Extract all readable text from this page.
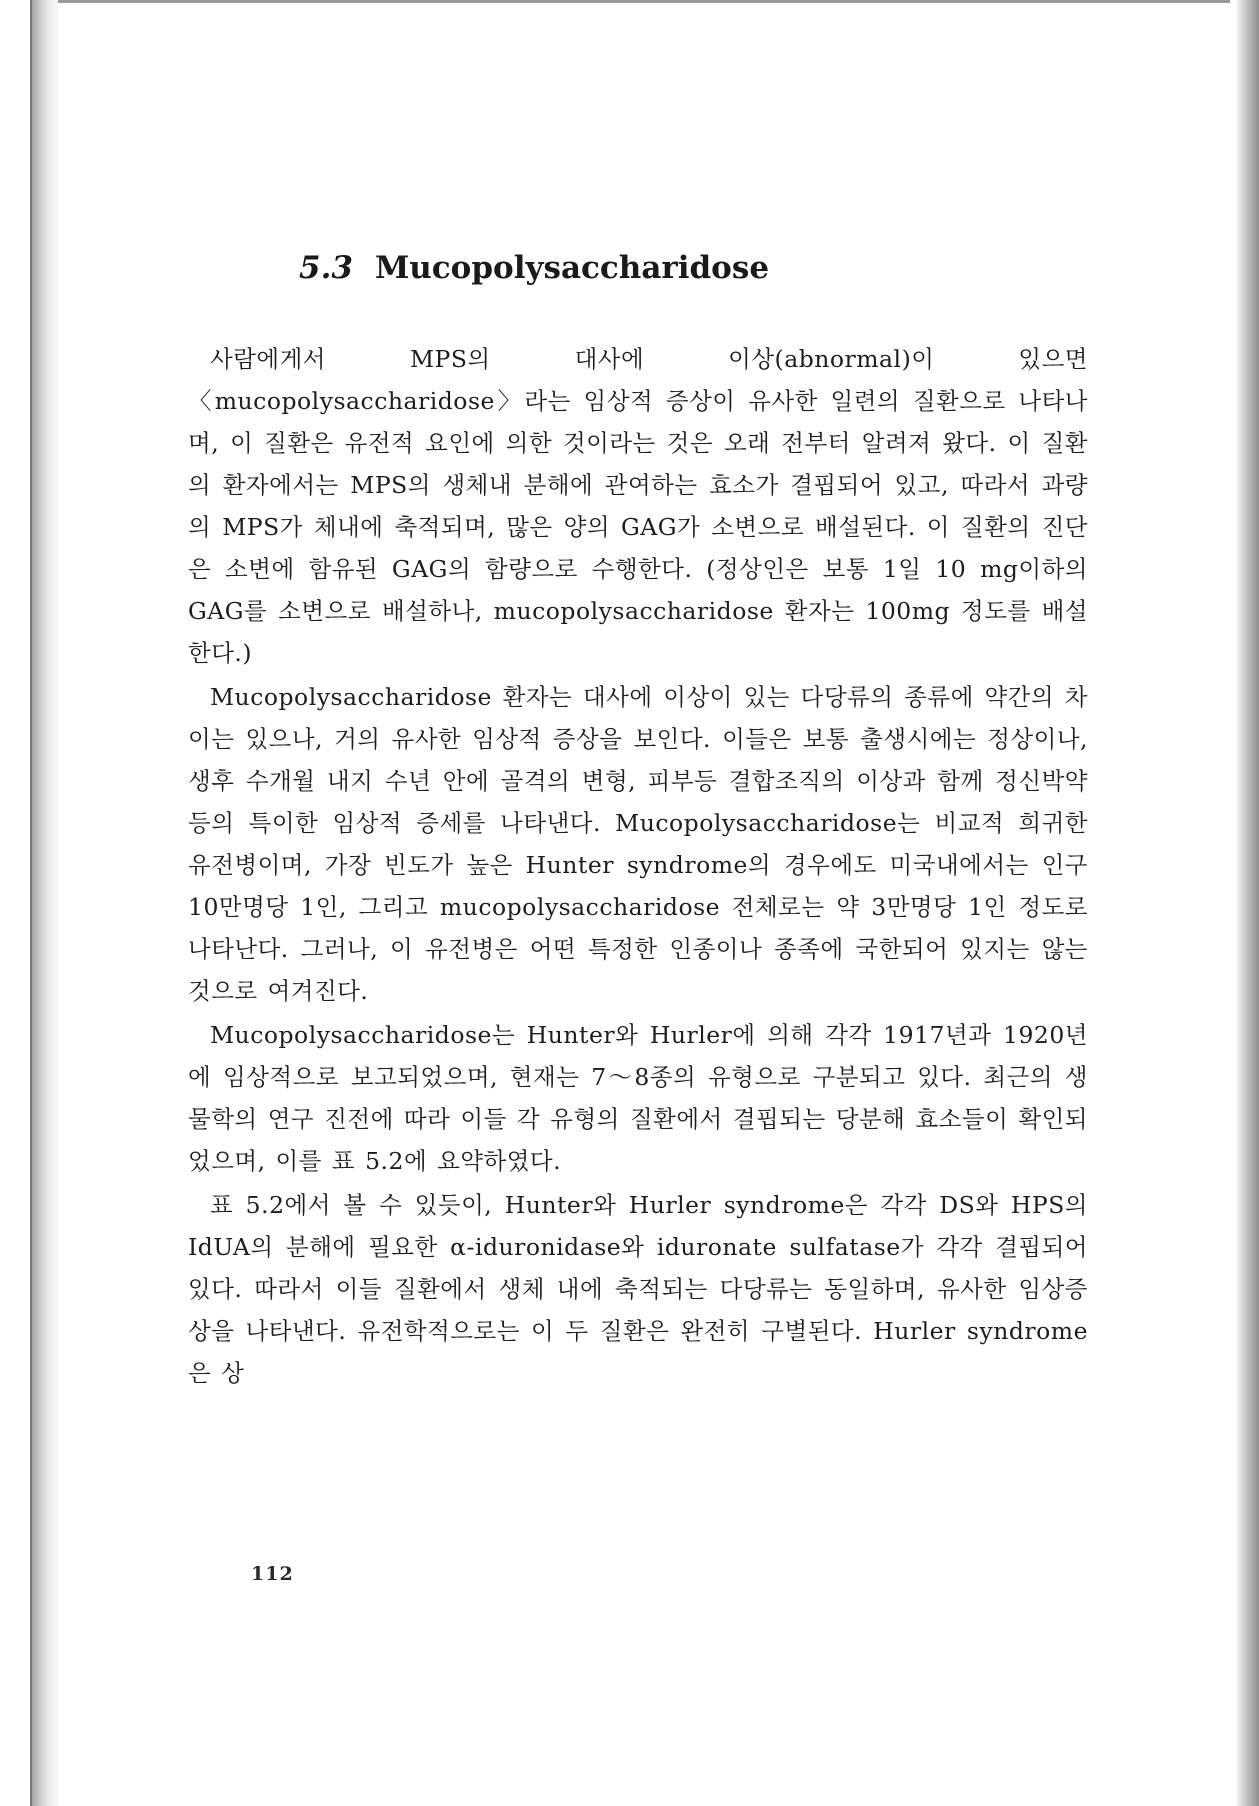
5.3 Mucopolysaccharidose

사람에게서 MPS의 대사에 이상(abnormal)이 있으면 〈mucopolysaccharidose〉라는 임상적 증상이 유사한 일련의 질환으로 나타나며, 이 질환은 유전적 요인에 의한 것이라는 것은 오래 전부터 알려져 왔다. 이 질환의 환자에서는 MPS의 생체내 분해에 관여하는 효소가 결핍되어 있고, 따라서 과량의 MPS가 체내에 축적되며, 많은 양의 GAG가 소변으로 배설된다. 이 질환의 진단은 소변에 함유된 GAG의 함량으로 수행한다. (정상인은 보통 1일 10 mg이하의 GAG를 소변으로 배설하나, mucopolysaccharidose 환자는 100mg 정도를 배설한다.)

Mucopolysaccharidose 환자는 대사에 이상이 있는 다당류의 종류에 약간의 차이는 있으나, 거의 유사한 임상적 증상을 보인다. 이들은 보통 출생시에는 정상이나, 생후 수개월 내지 수년 안에 골격의 변형, 피부등 결합조직의 이상과 함께 정신박약 등의 특이한 임상적 증세를 나타낸다. Mucopolysaccharidose는 비교적 희귀한 유전병이며, 가장 빈도가 높은 Hunter syndrome의 경우에도 미국내에서는 인구 10만명당 1인, 그리고 mucopolysaccharidose 전체로는 약 3만명당 1인 정도로 나타난다. 그러나, 이 유전병은 어떤 특정한 인종이나 종족에 국한되어 있지는 않는 것으로 여겨진다.

Mucopolysaccharidose는 Hunter와 Hurler에 의해 각각 1917년과 1920년에 임상적으로 보고되었으며, 현재는 7～8종의 유형으로 구분되고 있다. 최근의 생물학의 연구 진전에 따라 이들 각 유형의 질환에서 결핍되는 당분해 효소들이 확인되었으며, 이를 표 5.2에 요약하였다.

표 5.2에서 볼 수 있듯이, Hunter와 Hurler syndrome은 각각 DS와 HPS의 IdUA의 분해에 필요한 α-iduronidase와 iduronate sulfatase가 각각 결핍되어 있다. 따라서 이들 질환에서 생체 내에 축적되는 다당류는 동일하며, 유사한 임상증상을 나타낸다. 유전학적으로는 이 두 질환은 완전히 구별된다. Hurler syndrome은 상

112
